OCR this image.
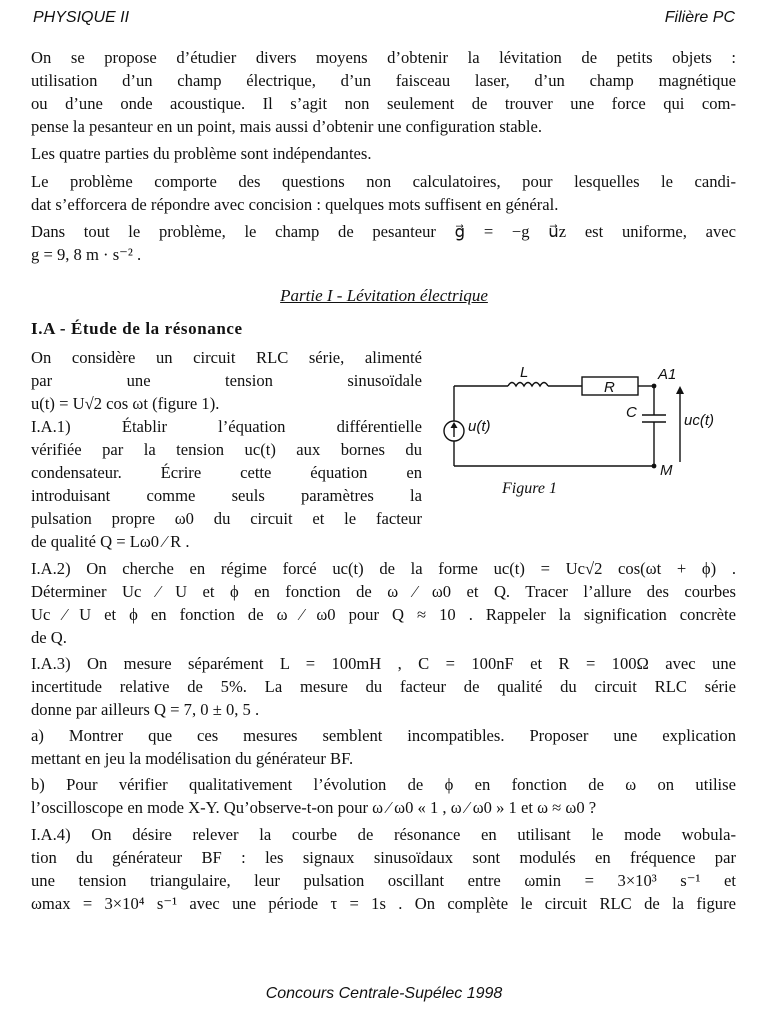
PHYSIQUE II	Filière PC
On se propose d’étudier divers moyens d’obtenir la lévitation de petits objets :
utilisation d’un champ électrique, d’un faisceau laser, d’un champ magnétique
ou d’une onde acoustique. Il s’agit non seulement de trouver une force qui com-
pense la pesanteur en un point, mais aussi d’obtenir une configuration stable.
Les quatre parties du problème sont indépendantes.
Le problème comporte des questions non calculatoires, pour lesquelles le candi-
dat s’efforcera de répondre avec concision : quelques mots suffisent en général.
Dans tout le problème, le champ de pesanteur g⃗ = −g u⃗z est uniforme, avec
g = 9, 8 m · s⁻² .
Partie I - Lévitation électrique
I.A - Étude de la résonance
On considère un circuit RLC série, alimenté
par une tension sinusoïdale
u(t) = U√2 cos ωt (figure 1).
I.A.1) Établir l’équation différentielle
vérifiée par la tension uc(t) aux bornes du
condensateur. Écrire cette équation en
introduisant comme seuls paramètres la
pulsation propre ω0 du circuit et le facteur
de qualité Q = Lω0 ⁄ R .
L
R
C
A1
M
u(t)	uc(t)
Figure 1
I.A.2) On cherche en régime forcé uc(t) de la forme uc(t) = Uc√2 cos(ωt + ϕ) .
Déterminer Uc ⁄ U et ϕ en fonction de ω ⁄ ω0 et Q. Tracer l’allure des courbes
Uc ⁄ U et ϕ en fonction de ω ⁄ ω0 pour Q ≈ 10 . Rappeler la signification concrète
de Q.
I.A.3) On mesure séparément L = 100mH , C = 100nF et R = 100Ω avec une
incertitude relative de 5%. La mesure du facteur de qualité du circuit RLC série
donne par ailleurs Q = 7, 0 ± 0, 5 .
a) Montrer que ces mesures semblent incompatibles. Proposer une explication
mettant en jeu la modélisation du générateur BF.
b) Pour vérifier qualitativement l’évolution de ϕ en fonction de ω on utilise
l’oscilloscope en mode X-Y. Qu’observe-t-on pour ω ⁄ ω0 « 1 , ω ⁄ ω0 » 1 et ω ≈ ω0 ?
I.A.4) On désire relever la courbe de résonance en utilisant le mode wobula-
tion du générateur BF : les signaux sinusoïdaux sont modulés en fréquence par
une tension triangulaire, leur pulsation oscillant entre ωmin = 3×10³ s⁻¹ et
ωmax = 3×10⁴ s⁻¹ avec une période τ = 1s . On complète le circuit RLC de la figure
Concours Centrale-Supélec 1998
